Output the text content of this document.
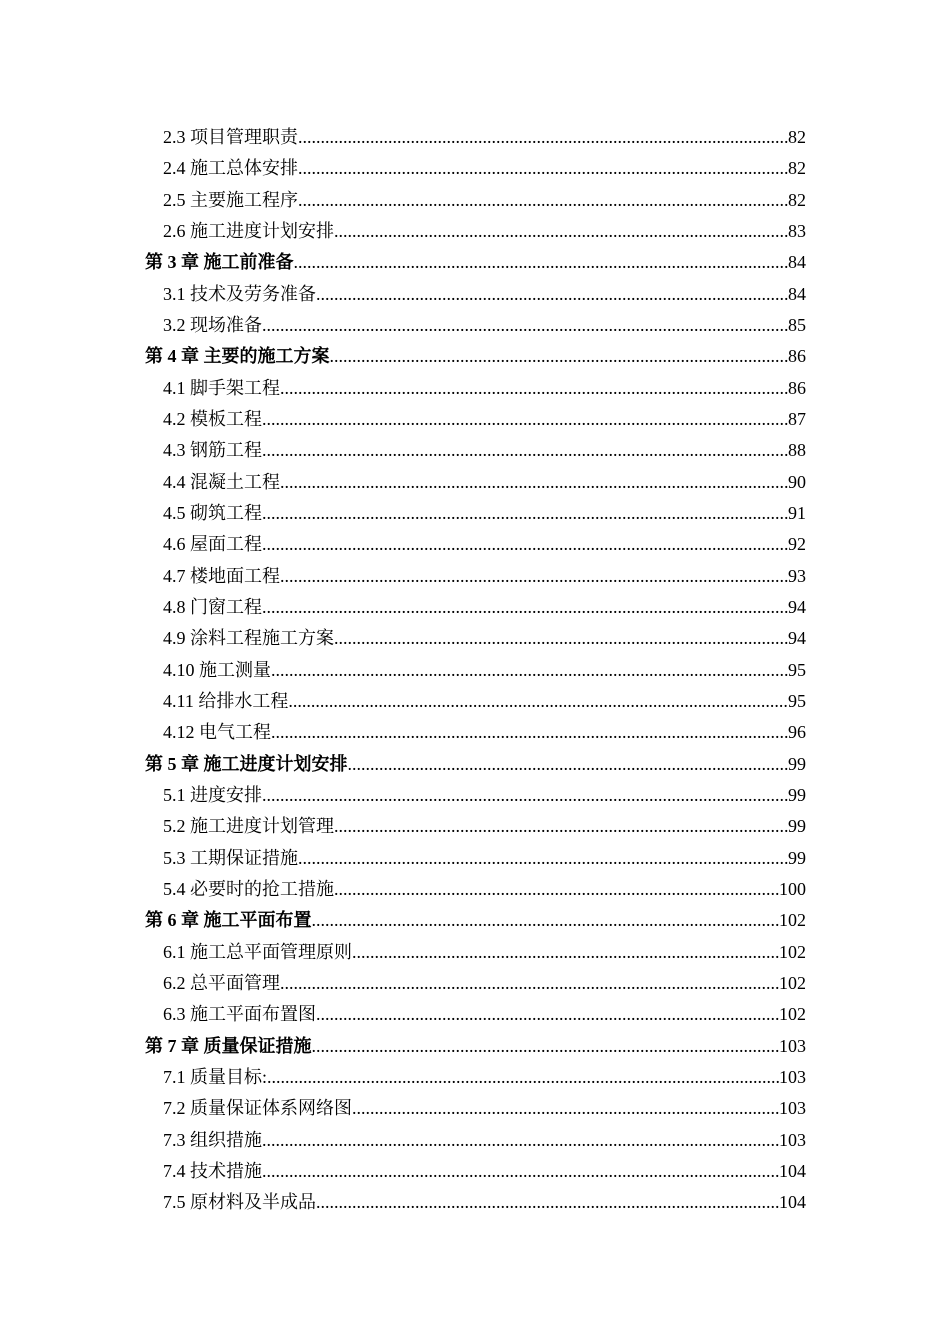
2.3 项目管理职责 .....	82
2.4 施工总体安排 .....	82
2.5 主要施工程序 .....	82
2.6 施工进度计划安排 .....	83
第 3 章 施工前准备 .....	84
3.1 技术及劳务准备 .....	84
3.2 现场准备 .....	85
第 4 章 主要的施工方案 .....	86
4.1 脚手架工程 .....	86
4.2 模板工程 .....	87
4.3 钢筋工程 .....	88
4.4 混凝土工程 .....	90
4.5 砌筑工程 .....	91
4.6 屋面工程 .....	92
4.7 楼地面工程 .....	93
4.8 门窗工程 .....	94
4.9 涂料工程施工方案 .....	94
4.10 施工测量 .....	95
4.11 给排水工程 .....	95
4.12 电气工程 .....	96
第 5 章 施工进度计划安排 .....	99
5.1 进度安排 .....	99
5.2 施工进度计划管理 .....	99
5.3 工期保证措施 .....	99
5.4 必要时的抢工措施 .....	100
第 6 章 施工平面布置 .....	102
6.1 施工总平面管理原则 .....	102
6.2 总平面管理 .....	102
6.3 施工平面布置图 .....	102
第 7 章 质量保证措施 .....	103
7.1 质量目标: .....	103
7.2 质量保证体系网络图 .....	103
7.3 组织措施 .....	103
7.4 技术措施 .....	104
7.5 原材料及半成品 .....	104
